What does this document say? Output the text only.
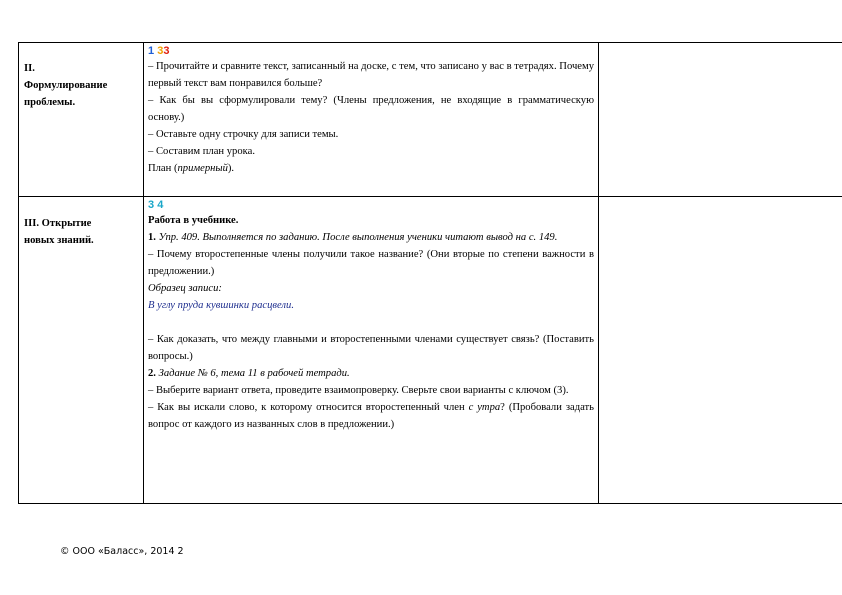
II.
Формулирование
проблемы.
1 33

– Прочитайте и сравните текст, записанный на доске, с тем, что записано у вас в тетрадях. Почему первый текст вам понравился больше?

– Как бы вы сформулировали тему? (Члены предложения, не входящие в грамматическую основу.)

– Оставьте одну строчку для записи темы.

– Составим план урока.

План (примерный).

III. Открытие
новых знаний.
3 4

Работа в учебнике.

1. Упр. 409. Выполняется по заданию. После выполнения ученики читают вывод на с. 149.

– Почему второстепенные члены получили такое название? (Они вторые по степени важности в предложении.)

Образец записи:

В углу пруда кувшинки расцвели.

– Как доказать, что между главными и второстепенными членами существует связь? (Поставить вопросы.)

2. Задание № 6, тема 11 в рабочей тетради.

– Выберите вариант ответа, проведите взаимопроверку. Сверьте свои варианты с ключом (3).

– Как вы искали слово, к которому относится второстепенный член с утра? (Пробовали задать вопрос от каждого из названных слов в предложении.)

© ООО «Баласс», 2014 2
